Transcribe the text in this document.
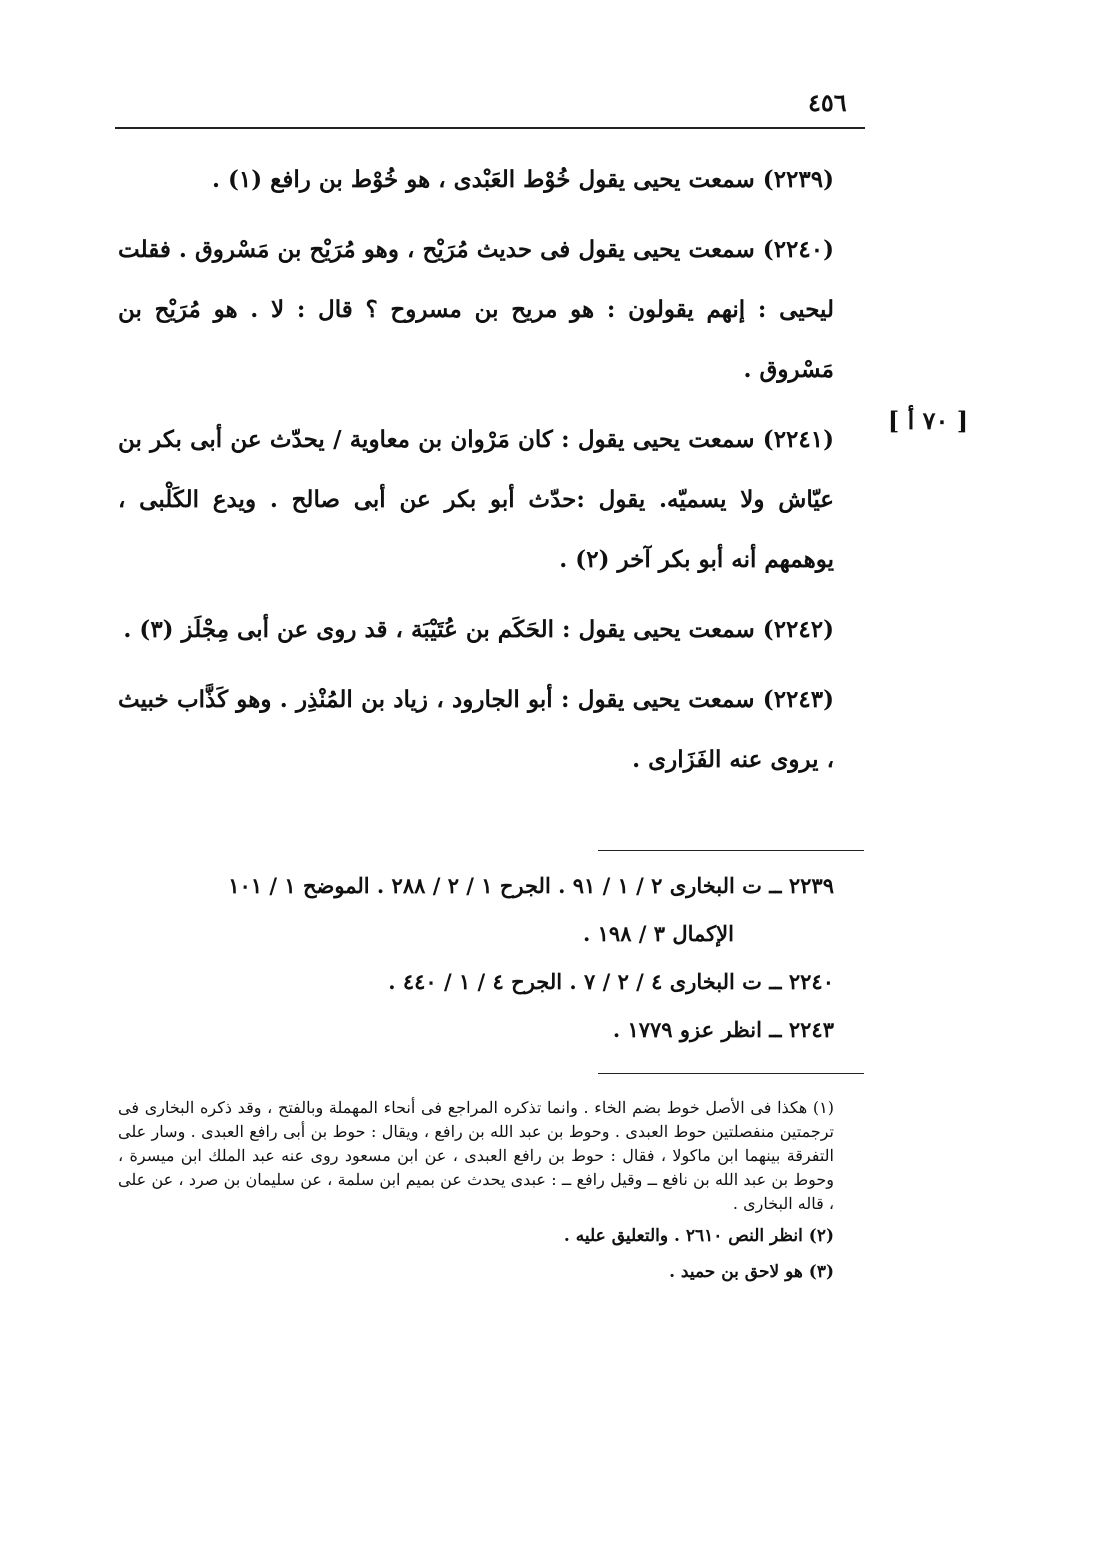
٤٥٦
[ ٧٠ أ ]

(٢٢٣٩) سمعت يحيى يقول خُوْط العَبْدى ، هو خُوْط بن رافع (١) .

(٢٢٤٠) سمعت يحيى يقول فى حديث مُرَيْح ، وهو مُرَيْح بن مَسْروق . فقلت ليحيى : إنهم يقولون : هو مريح بن مسروح ؟ قال : لا . هو مُرَيْح بن مَسْروق .

(٢٢٤١) سمعت يحيى يقول : كان مَرْوان بن معاوية / يحدّث عن أبى بكر بن عيّاش ولا يسميّه. يقول :حدّث أبو بكر عن أبى صالح . ويدع الكَلْبى ، يوهمهم أنه أبو بكر آخر (٢) .

(٢٢٤٢) سمعت يحيى يقول : الحَكَم بن عُتَيْبَة ، قد روى عن أبى مِجْلَز (٣) .

(٢٢٤٣) سمعت يحيى يقول : أبو الجارود ، زياد بن المُنْذِر . وهو كَذَّاب خبيث ، يروى عنه الفَزَارى .

٢٢٣٩ ــ ت البخارى ٢ / ١ / ٩١ . الجرح ١ / ٢ / ٢٨٨ . الموضح ١ / ١٠١

الإكمال ٣ / ١٩٨ .

٢٢٤٠ ــ ت البخارى ٤ / ٢ / ٧ . الجرح ٤ / ١ / ٤٤٠ .

٢٢٤٣ ــ انظر عزو ١٧٧٩ .

(١) هكذا فى الأصل خوط بضم الخاء . وانما تذكره المراجع فى أنحاء المهملة وبالفتح ، وقد ذكره البخارى فى ترجمتين منفصلتين حوط العبدى . وحوط بن عبد الله بن رافع ، ويقال : حوط بن أبى رافع العبدى . وسار على التفرقة بينهما ابن ماكولا ، فقال : حوط بن رافع العبدى ، عن ابن مسعود روى عنه عبد الملك ابن ميسرة ، وحوط بن عبد الله بن نافع ــ وقيل رافع ــ : عبدى يحدث عن بميم ابن سلمة ، عن سليمان بن صرد ، عن على ، قاله البخارى .

(٢) انظر النص ٢٦١٠ . والتعليق عليه .

(٣) هو لاحق بن حميد .
